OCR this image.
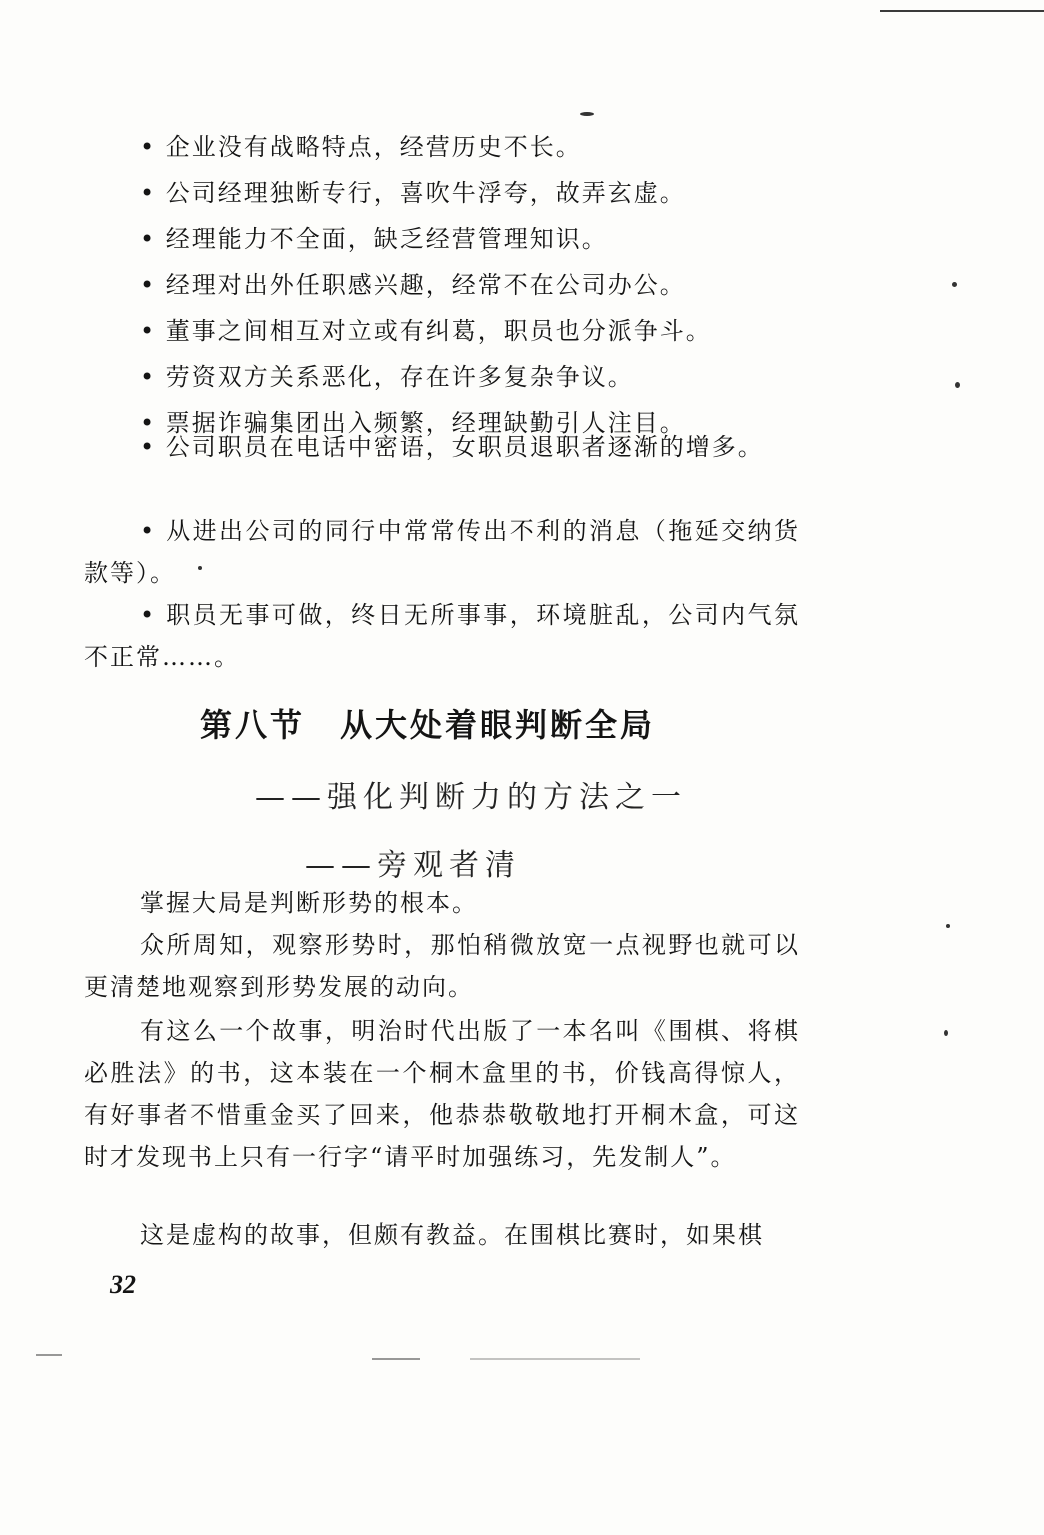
• 企业没有战略特点，经营历史不长。
• 公司经理独断专行，喜吹牛浮夸，故弄玄虚。
• 经理能力不全面，缺乏经营管理知识。
• 经理对出外任职感兴趣，经常不在公司办公。
• 董事之间相互对立或有纠葛，职员也分派争斗。
• 劳资双方关系恶化，存在许多复杂争议。
• 票据诈骗集团出入频繁，经理缺勤引人注目。
• 公司职员在电话中密语，女职员退职者逐渐的增多。
• 从进出公司的同行中常常传出不利的消息（拖延交纳货款等）。
• 职员无事可做，终日无所事事，环境脏乱，公司内气氛不正常……。
第八节　从大处着眼判断全局
——强化判断力的方法之一
——旁观者清
掌握大局是判断形势的根本。
众所周知，观察形势时，那怕稍微放宽一点视野也就可以更清楚地观察到形势发展的动向。
有这么一个故事，明治时代出版了一本名叫《围棋、将棋必胜法》的书，这本装在一个桐木盒里的书，价钱高得惊人，有好事者不惜重金买了回来，他恭恭敬敬地打开桐木盒，可这时才发现书上只有一行字“请平时加强练习，先发制人”。
这是虚构的故事，但颇有教益。在围棋比赛时，如果棋
32
